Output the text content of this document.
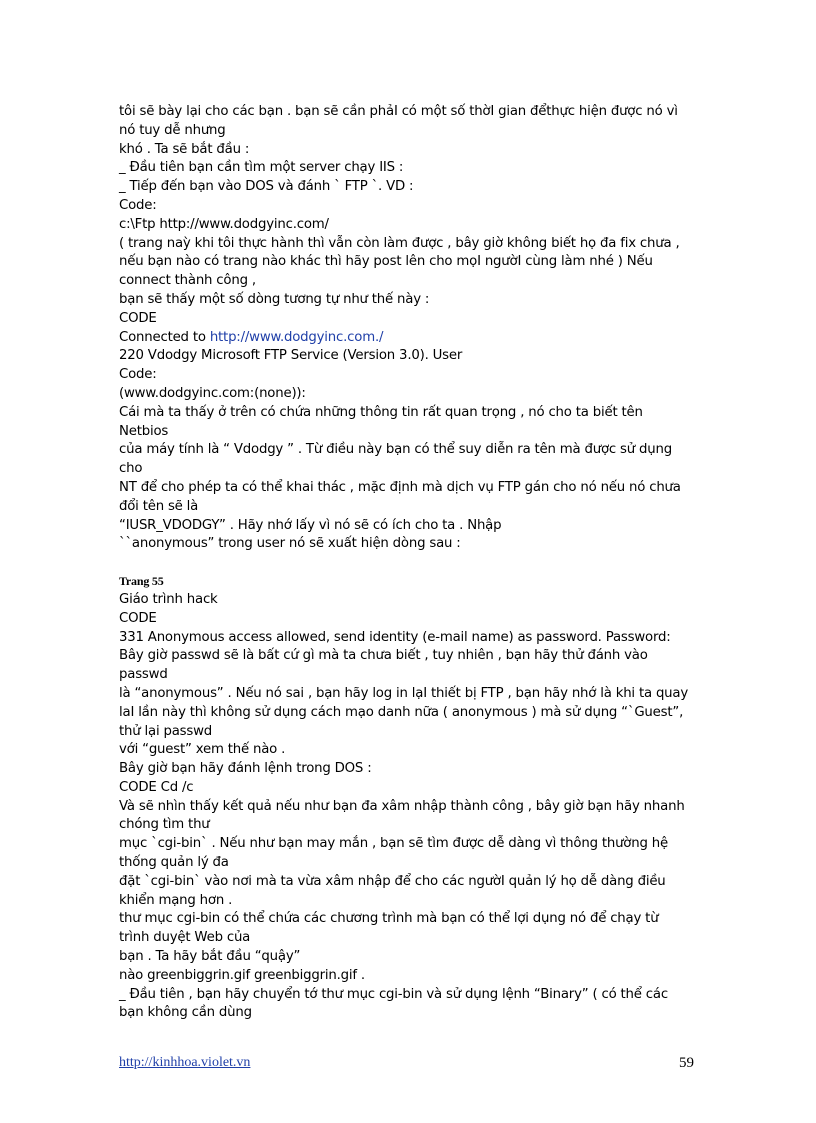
tôi sẽ bày lại cho các bạn . bạn sẽ cần phảI có một số thờI gian đểthực hiện được nó vì

nó tuy dễ nhưng

khó . Ta sẽ bắt đầu :

_ Đầu tiên bạn cần tìm một server chạy IIS :

_ Tiếp đến bạn vào DOS và đánh ` FTP `. VD :

Code:

c:\Ftp http://www.dodgyinc.com/

( trang naỳ khi tôi thực hành thì vẫn còn làm được , bây giờ không biết họ đa fix chưa ,

nếu bạn nào có trang nào khác thì hãy post lên cho mọI ngườI cùng làm nhé ) Nếu

connect thành công ,

bạn sẽ thấy một số dòng tương tự như thế này :

CODE

Connected to http://www.dodgyinc.com./

220 Vdodgy Microsoft FTP Service (Version 3.0). User

Code:

(www.dodgyinc.com:(none)):

Cái mà ta thấy ở trên có chứa những thông tin rất quan trọng , nó cho ta biết tên

Netbios

của máy tính là “ Vdodgy ” . Từ điều này bạn có thể suy diễn ra tên mà được sử dụng

cho

NT để cho phép ta có thể khai thác , mặc định mà dịch vụ FTP gán cho nó nếu nó chưa

đổi tên sẽ là

“IUSR_VDODGY” . Hãy nhớ lấy vì nó sẽ có ích cho ta . Nhập

``anonymous” trong user nó sẽ xuất hiện dòng sau :

Trang 55

Giáo trình hack

CODE

331 Anonymous access allowed, send identity (e-mail name) as password. Password:

Bây giờ passwd sẽ là bất cứ gì mà ta chưa biết , tuy nhiên , bạn hãy thử đánh vào

passwd

là “anonymous” . Nếu nó sai , bạn hãy log in lạI thiết bị FTP , bạn hãy nhớ là khi ta quay

laI lần này thì không sử dụng cách mạo danh nữa ( anonymous ) mà sử dụng “`Guest”,

thử lại passwd

với “guest” xem thế nào .

Bây giờ bạn hãy đánh lệnh trong DOS :

CODE Cd /c

Và sẽ nhìn thấy kết quả nếu như bạn đa xâm nhập thành công , bây giờ bạn hãy nhanh

chóng tìm thư

mục `cgi-bin` . Nếu như bạn may mắn , bạn sẽ tìm được dễ dàng vì thông thường hệ

thống quản lý đa

đặt `cgi-bin` vào nơi mà ta vừa xâm nhập để cho các ngườI quản lý họ dễ dàng điều

khiển mạng hơn .

thư mục cgi-bin có thể chứa các chương trình mà bạn có thể lợi dụng nó để chạy từ

trình duyệt Web của

bạn . Ta hãy bắt đầu “quậy”

nào greenbiggrin.gif greenbiggrin.gif .

_ Đầu tiên , bạn hãy chuyển tớ thư mục cgi-bin và sử dụng lệnh “Binary” ( có thể các

bạn không cần dùng

http://kinhhoa.violet.vn	59
